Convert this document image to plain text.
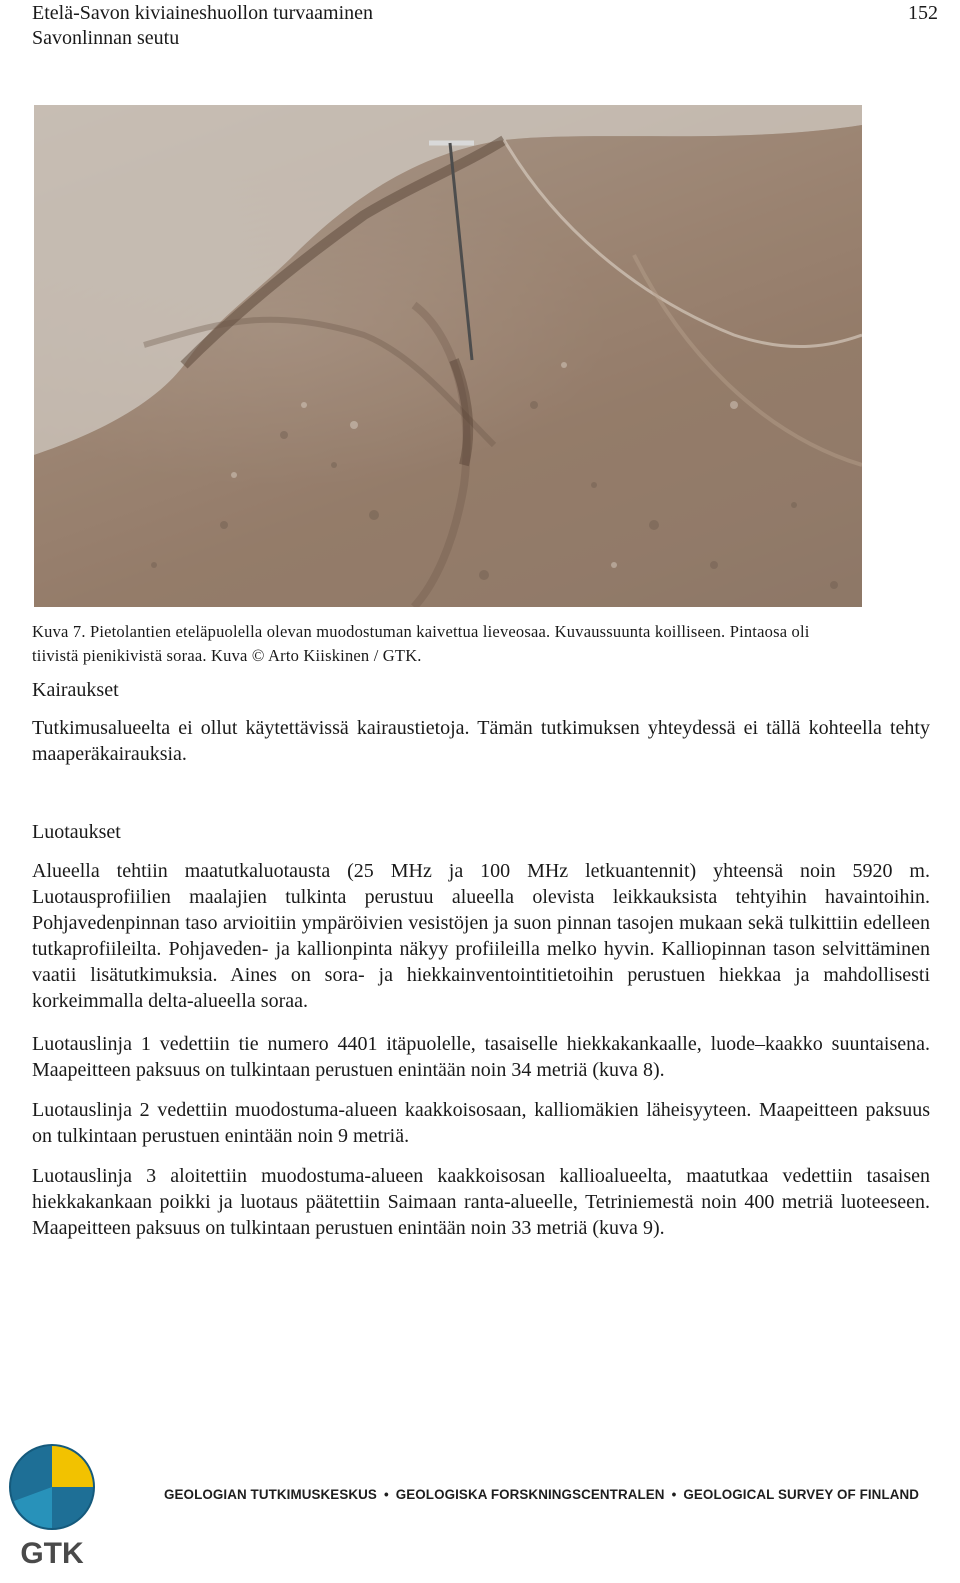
Etelä-Savon kiviaineshuollon turvaaminen
Savonlinnan seutu
152
Kuva 7. Pietolantien eteläpuolella olevan muodostuman kaivettua lieveosaa. Kuvaussuunta koilliseen. Pintaosa oli
tiivistä pienikivistä soraa. Kuva © Arto Kiiskinen / GTK.
Kairaukset
Tutkimusalueelta ei ollut käytettävissä kairaustietoja. Tämän tutkimuksen yhteydessä ei tällä kohteella tehty maaperäkairauksia.
Luotaukset
Alueella tehtiin maatutkaluotausta (25 MHz ja 100 MHz letkuantennit) yhteensä noin 5920 m. Luotausprofiilien maalajien tulkinta perustuu alueella olevista leikkauksista tehtyihin havaintoihin. Pohjavedenpinnan taso arvioitiin ympäröivien vesistöjen ja suon pinnan tasojen mukaan sekä tulkittiin edelleen tutkaprofiileilta. Pohjaveden- ja kallionpinta näkyy profiileilla melko hyvin. Kalliopinnan tason selvittäminen vaatii lisätutkimuksia. Aines on sora- ja hiekkainventointitietoihin perustuen hiekkaa ja mahdollisesti korkeimmalla delta-alueella soraa.
Luotauslinja 1 vedettiin tie numero 4401 itäpuolelle, tasaiselle hiekkakankaalle, luode–kaakko suuntaisena. Maapeitteen paksuus on tulkintaan perustuen enintään noin 34 metriä (kuva 8).
Luotauslinja 2 vedettiin muodostuma-alueen kaakkoisosaan, kalliomäkien läheisyyteen. Maapeitteen paksuus on tulkintaan perustuen enintään noin 9 metriä.
Luotauslinja 3 aloitettiin muodostuma-alueen kaakkoisosan kallioalueelta, maatutkaa vedettiin tasaisen hiekkakankaan poikki ja luotaus päätettiin Saimaan ranta-alueelle, Tetriniemestä noin 400 metriä luoteeseen. Maapeitteen paksuus on tulkintaan perustuen enintään noin 33 metriä (kuva 9).
GTK
GEOLOGIAN TUTKIMUSKESKUS • GEOLOGISKA FORSKNINGSCENTRALEN • GEOLOGICAL SURVEY OF FINLAND
